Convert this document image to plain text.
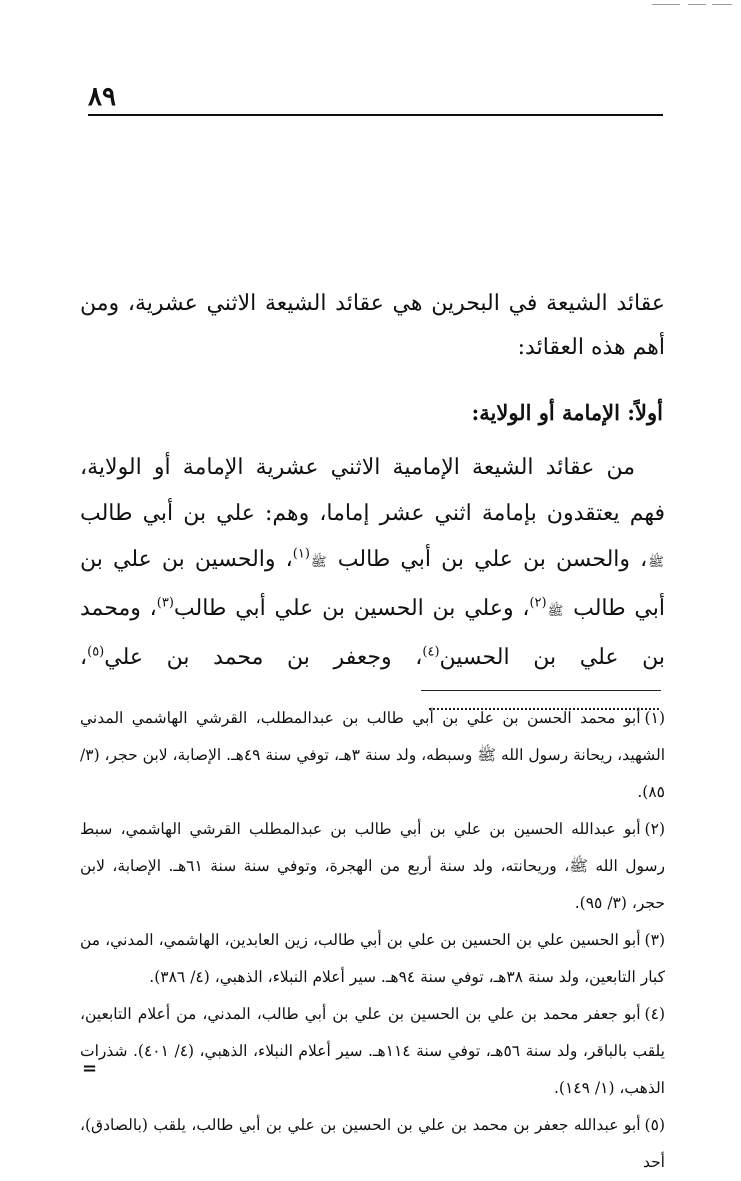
٨٩
عقائد الشيعة في البحرين هي عقائد الشيعة الاثني عشرية، ومن أهم هذه العقائد:
أولاً: الإمامة أو الولاية:

من عقائد الشيعة الإمامية الاثني عشرية الإمامة أو الولاية، فهم يعتقدون بإمامة اثني عشر إماما، وهم: علي بن أبي طالب ﷺ، والحسن بن علي بن أبي طالب ﷺ$^{(١)}$، والحسين بن علي بن أبي طالب ﷺ$^{(٢)}$، وعلي بن الحسين بن علي أبي طالب$^{(٣)}$، ومحمد بن علي بن الحسين$^{(٤)}$، وجعفر بن محمد بن علي$^{(٥)}$،

(١)أبو محمد الحسن بن علي بن أبي طالب بن عبدالمطلب، القرشي الهاشمي المدني الشهيد، ريحانة رسول الله ﷺ وسبطه، ولد سنة ٣هـ، توفي سنة ٤٩هـ. الإصابة، لابن حجر، (٣/ ٨٥).

(٢)أبو عبدالله الحسين بن علي بن أبي طالب بن عبدالمطلب القرشي الهاشمي، سبط رسول الله ﷺ، وريحانته، ولد سنة أربع من الهجرة، وتوفي سنة سنة ٦١هـ. الإصابة، لابن حجر، (٣/ ٩٥).

(٣)أبو الحسين علي بن الحسين بن علي بن أبي طالب، زين العابدين، الهاشمي، المدني، من كبار التابعين، ولد سنة ٣٨هـ، توفي سنة ٩٤هـ. سير أعلام النبلاء، الذهبي، (٤/ ٣٨٦).

(٤)أبو جعفر محمد بن علي بن الحسين بن علي بن أبي طالب، المدني، من أعلام التابعين، يلقب بالباقر، ولد سنة ٥٦هـ، توفي سنة ١١٤هـ. سير أعلام النبلاء، الذهبي، (٤/ ٤٠١). شذرات الذهب، (١/ ١٤٩).

(٥)أبو عبدالله جعفر بن محمد بن علي بن الحسين بن علي بن أبي طالب، يلقب (بالصادق)، أحد

=
